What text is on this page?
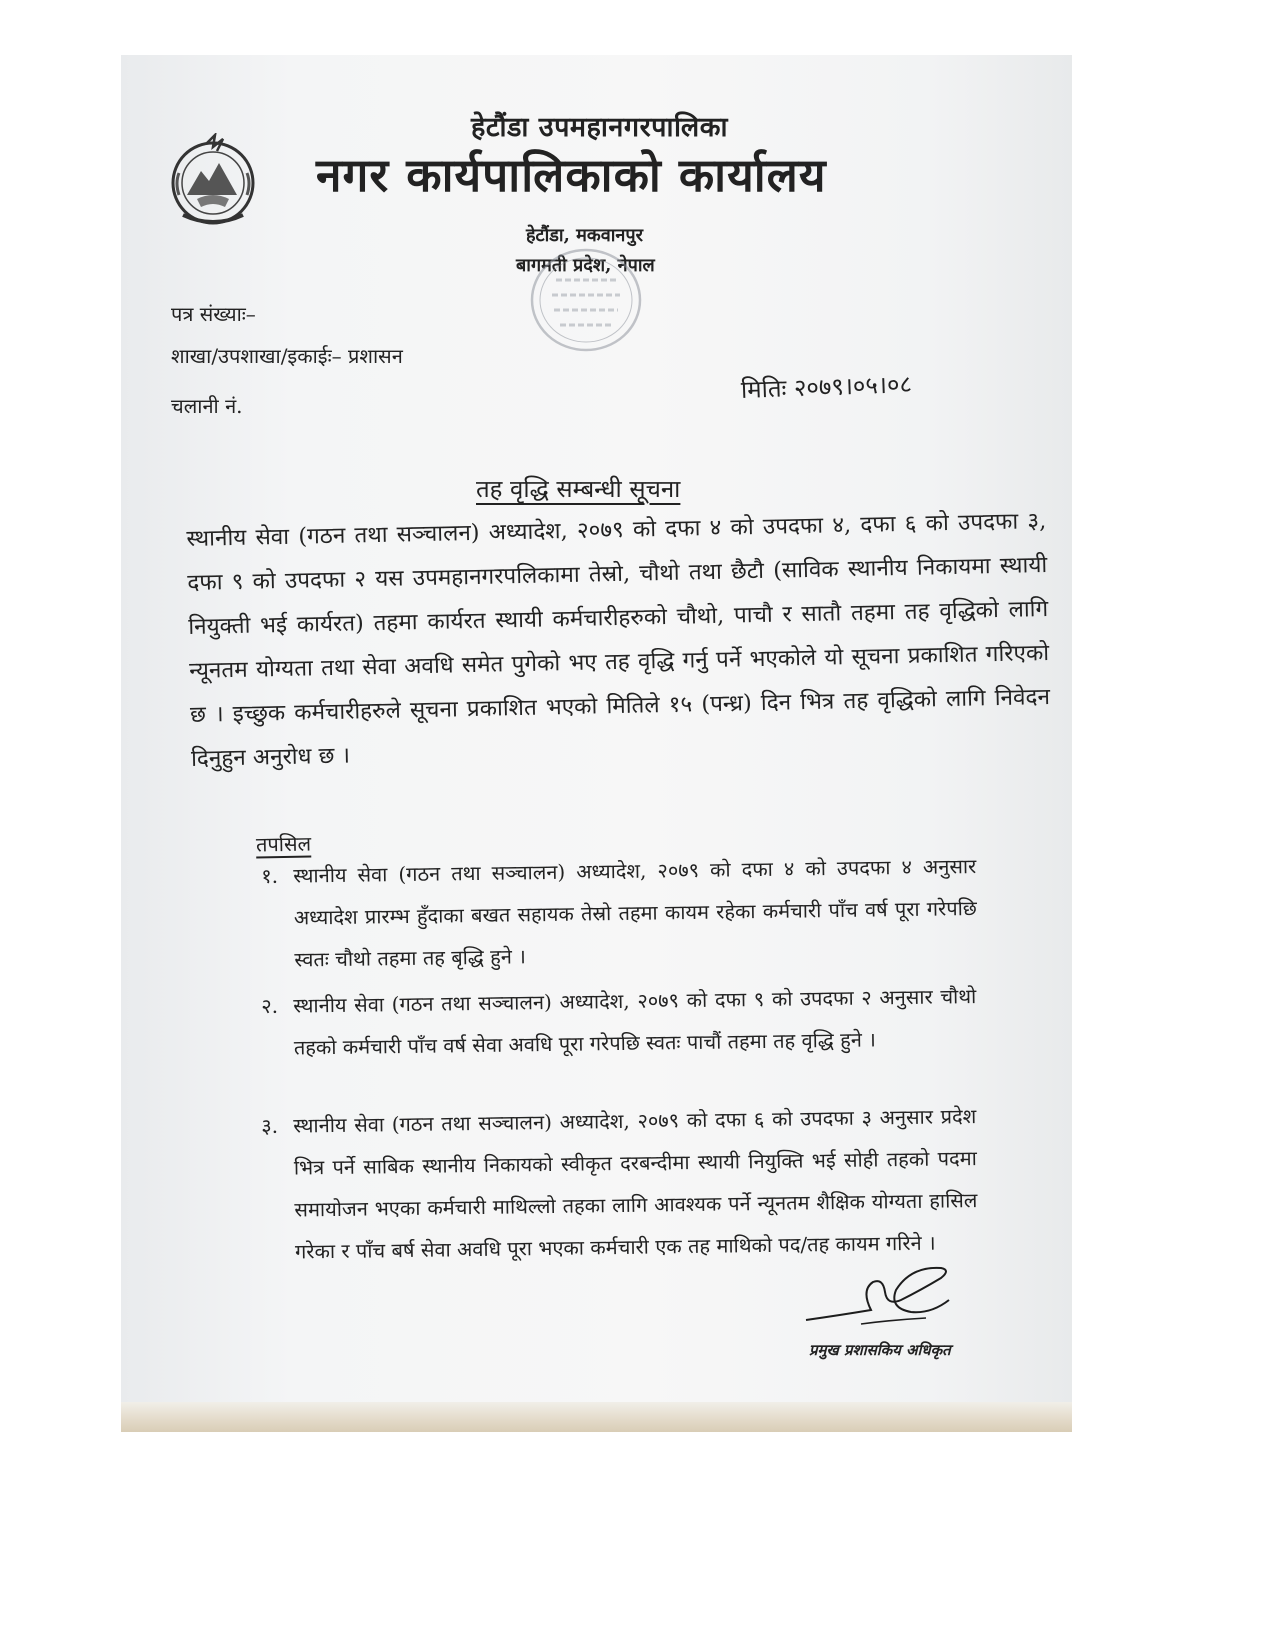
हेटौंडा उपमहानगरपालिका
नगर कार्यपालिकाको कार्यालय
हेटौंडा, मकवानपुर
बागमती प्रदेश, नेपाल
पत्र संख्याः–
शाखा/उपशाखा/इकाईः– प्रशासन
चलानी नं.
मितिः २०७९।०५।०८
तह वृद्धि सम्बन्धी सूचना
स्थानीय सेवा (गठन तथा सञ्चालन) अध्यादेश, २०७९ को दफा ४ को उपदफा ४, दफा ६ को उपदफा ३, दफा ९ को उपदफा २ यस उपमहानगरपलिकामा तेस्रो, चौथो तथा छैटौ (साविक स्थानीय निकायमा स्थायी नियुक्ती भई कार्यरत) तहमा कार्यरत स्थायी कर्मचारीहरुको चौथो, पाचौ र सातौ तहमा तह वृद्धिको लागि न्यूनतम योग्यता तथा सेवा अवधि समेत पुगेको भए तह वृद्धि गर्नु पर्ने भएकोले यो सूचना प्रकाशित गरिएको छ । इच्छुक कर्मचारीहरुले सूचना प्रकाशित भएको मितिले १५ (पन्ध्र) दिन भित्र तह वृद्धिको लागि निवेदन दिनुहुन अनुरोध छ ।
तपसिल
१. स्थानीय सेवा (गठन तथा सञ्चालन) अध्यादेश, २०७९ को दफा ४ को उपदफा ४ अनुसार अध्यादेश प्रारम्भ हुँदाका बखत सहायक तेस्रो तहमा कायम रहेका कर्मचारी पाँच वर्ष पूरा गरेपछि स्वतः चौथो तहमा तह बृद्धि हुने ।
२. स्थानीय सेवा (गठन तथा सञ्चालन) अध्यादेश, २०७९ को दफा ९ को उपदफा २ अनुसार चौथो तहको कर्मचारी पाँच वर्ष सेवा अवधि पूरा गरेपछि स्वतः पाचौं तहमा तह वृद्धि हुने ।
३. स्थानीय सेवा (गठन तथा सञ्चालन) अध्यादेश, २०७९ को दफा ६ को उपदफा ३ अनुसार प्रदेश भित्र पर्ने साबिक स्थानीय निकायको स्वीकृत दरबन्दीमा स्थायी नियुक्ति भई सोही तहको पदमा समायोजन भएका कर्मचारी माथिल्लो तहका लागि आवश्यक पर्ने न्यूनतम शैक्षिक योग्यता हासिल गरेका र पाँच बर्ष सेवा अवधि पूरा भएका कर्मचारी एक तह माथिको पद/तह कायम गरिने ।
प्रमुख प्रशासकिय अधिकृत
